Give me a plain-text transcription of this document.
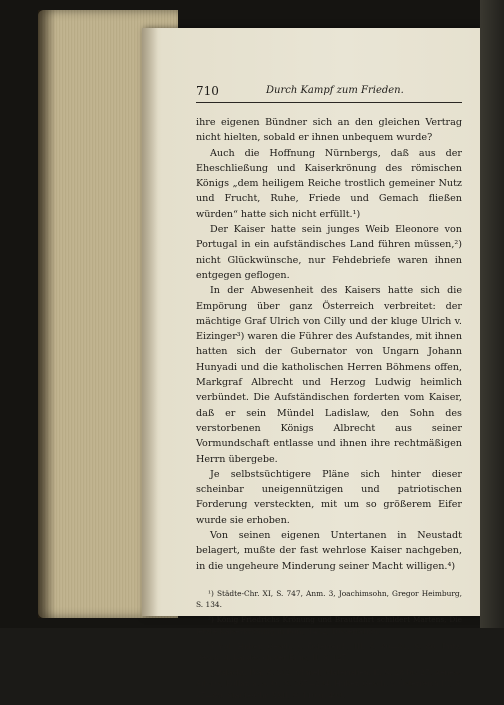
710	Durch Kampf zum Frieden.

ihre eigenen Bündner sich an den gleichen Vertrag nicht hielten, sobald er ihnen unbequem wurde?

Auch die Hoffnung Nürnbergs, daß aus der Eheschließung und Kaiserkrönung des römischen Königs „dem heiligem Reiche trostlich gemeiner Nutz und Frucht, Ruhe, Friede und Gemach fließen würden“ hatte sich nicht erfüllt.¹)

Der Kaiser hatte sein junges Weib Eleonore von Portugal in ein aufständisches Land führen müssen,²) nicht Glückwünsche, nur Fehdebriefe waren ihnen entgegen geflogen.

In der Abwesenheit des Kaisers hatte sich die Empörung über ganz Österreich verbreitet: der mächtige Graf Ulrich von Cilly und der kluge Ulrich v. Eizinger³) waren die Führer des Aufstandes, mit ihnen hatten sich der Gubernator von Ungarn Johann Hunyadi und die katholischen Herren Böhmens offen, Markgraf Albrecht und Herzog Ludwig heimlich verbündet. Die Aufständischen forderten vom Kaiser, daß er sein Mündel Ladislaw, den Sohn des verstorbenen Königs Albrecht aus seiner Vormundschaft entlasse und ihnen ihre rechtmäßigen Herrn übergebe.

Je selbstsüchtigere Pläne sich hinter dieser scheinbar uneigennützigen und patriotischen Forderung versteckten, mit um so größerem Eifer wurde sie erhoben.

Von seinen eigenen Untertanen in Neustadt belagert, mußte der fast wehrlose Kaiser nachgeben, in die ungeheure Minderung seiner Macht willigen.⁴)

¹) Städte-Chr. XI, S. 747, Anm. 3, Joachimsohn, Gregor Heimburg, S. 134.

²) König Friedrichs Krönung und Brautfahrt schildert Martens, Die letzte Kaiserkrönung in Rom, 1452, Dissertation.

³) Vgl. Huber, Gesch. v. Österreich, III, S. 80—81, S. 86. Pritz, Gesch. d. Landes ob der Enns, II, S. 127.

⁴) Palacky, IVa, S. 312. Chmel, Materialien, II, S. 28 bis 27. Aeneas Silvius, Kollar, a. a. O., S. 367—394. Huber, Gesch. v. Österreich III, S. 87—89. Städte-Chr. XXII, S. 110 u. 499.
